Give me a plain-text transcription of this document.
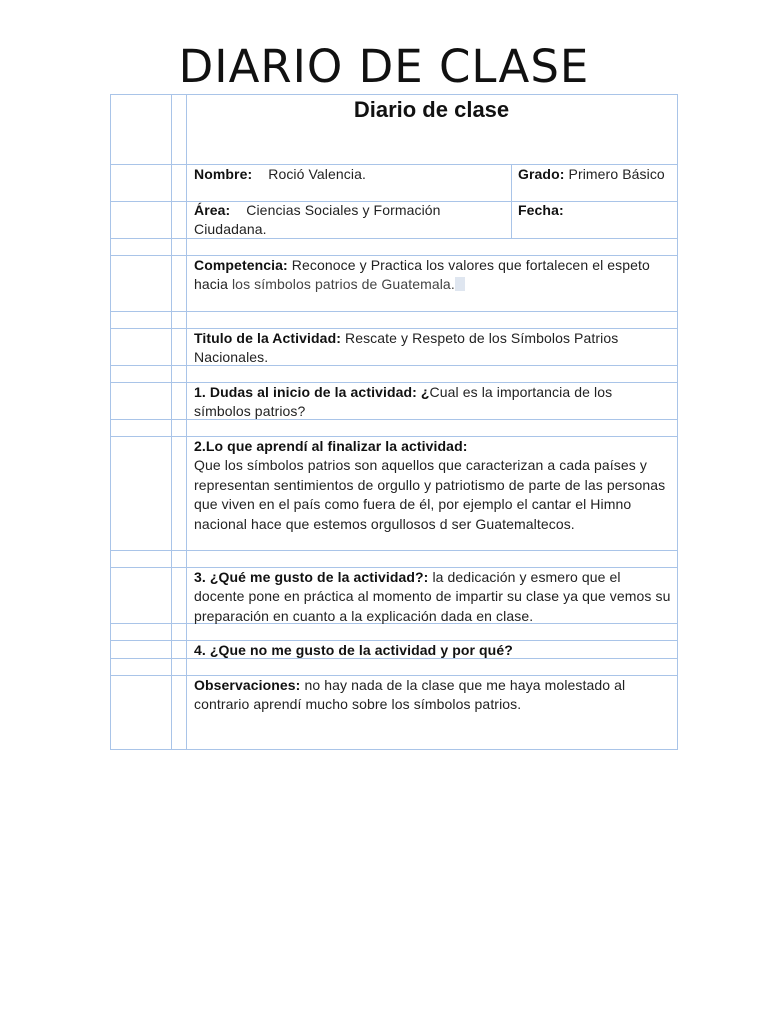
DIARIO DE CLASE
Diario de clase
Nombre: Roció Valencia.	Grado: Primero Básico
Área: Ciencias Sociales y Formación Ciudadana.
Fecha:
Competencia: Reconoce y Practica los valores que fortalecen el espeto hacia los símbolos patrios de Guatemala.
Titulo de la Actividad: Rescate y Respeto de los Símbolos Patrios Nacionales.
1. Dudas al inicio de la actividad: ¿Cual es la importancia de los símbolos patrios?
2.Lo que aprendí al finalizar la actividad:
Que los símbolos patrios son aquellos que caracterizan a cada países y representan sentimientos de orgullo y patriotismo de parte de las personas que viven en el país como fuera de él, por ejemplo el cantar el Himno nacional hace que estemos orgullosos d ser Guatemaltecos.
3. ¿Qué me gusto de la actividad?: la dedicación y esmero que el docente pone en práctica al momento de impartir su clase ya que vemos su preparación en cuanto a la explicación dada en clase.
4. ¿Que no me gusto de la actividad y por qué?
Observaciones: no hay nada de la clase que me haya molestado al contrario aprendí mucho sobre los símbolos patrios.
